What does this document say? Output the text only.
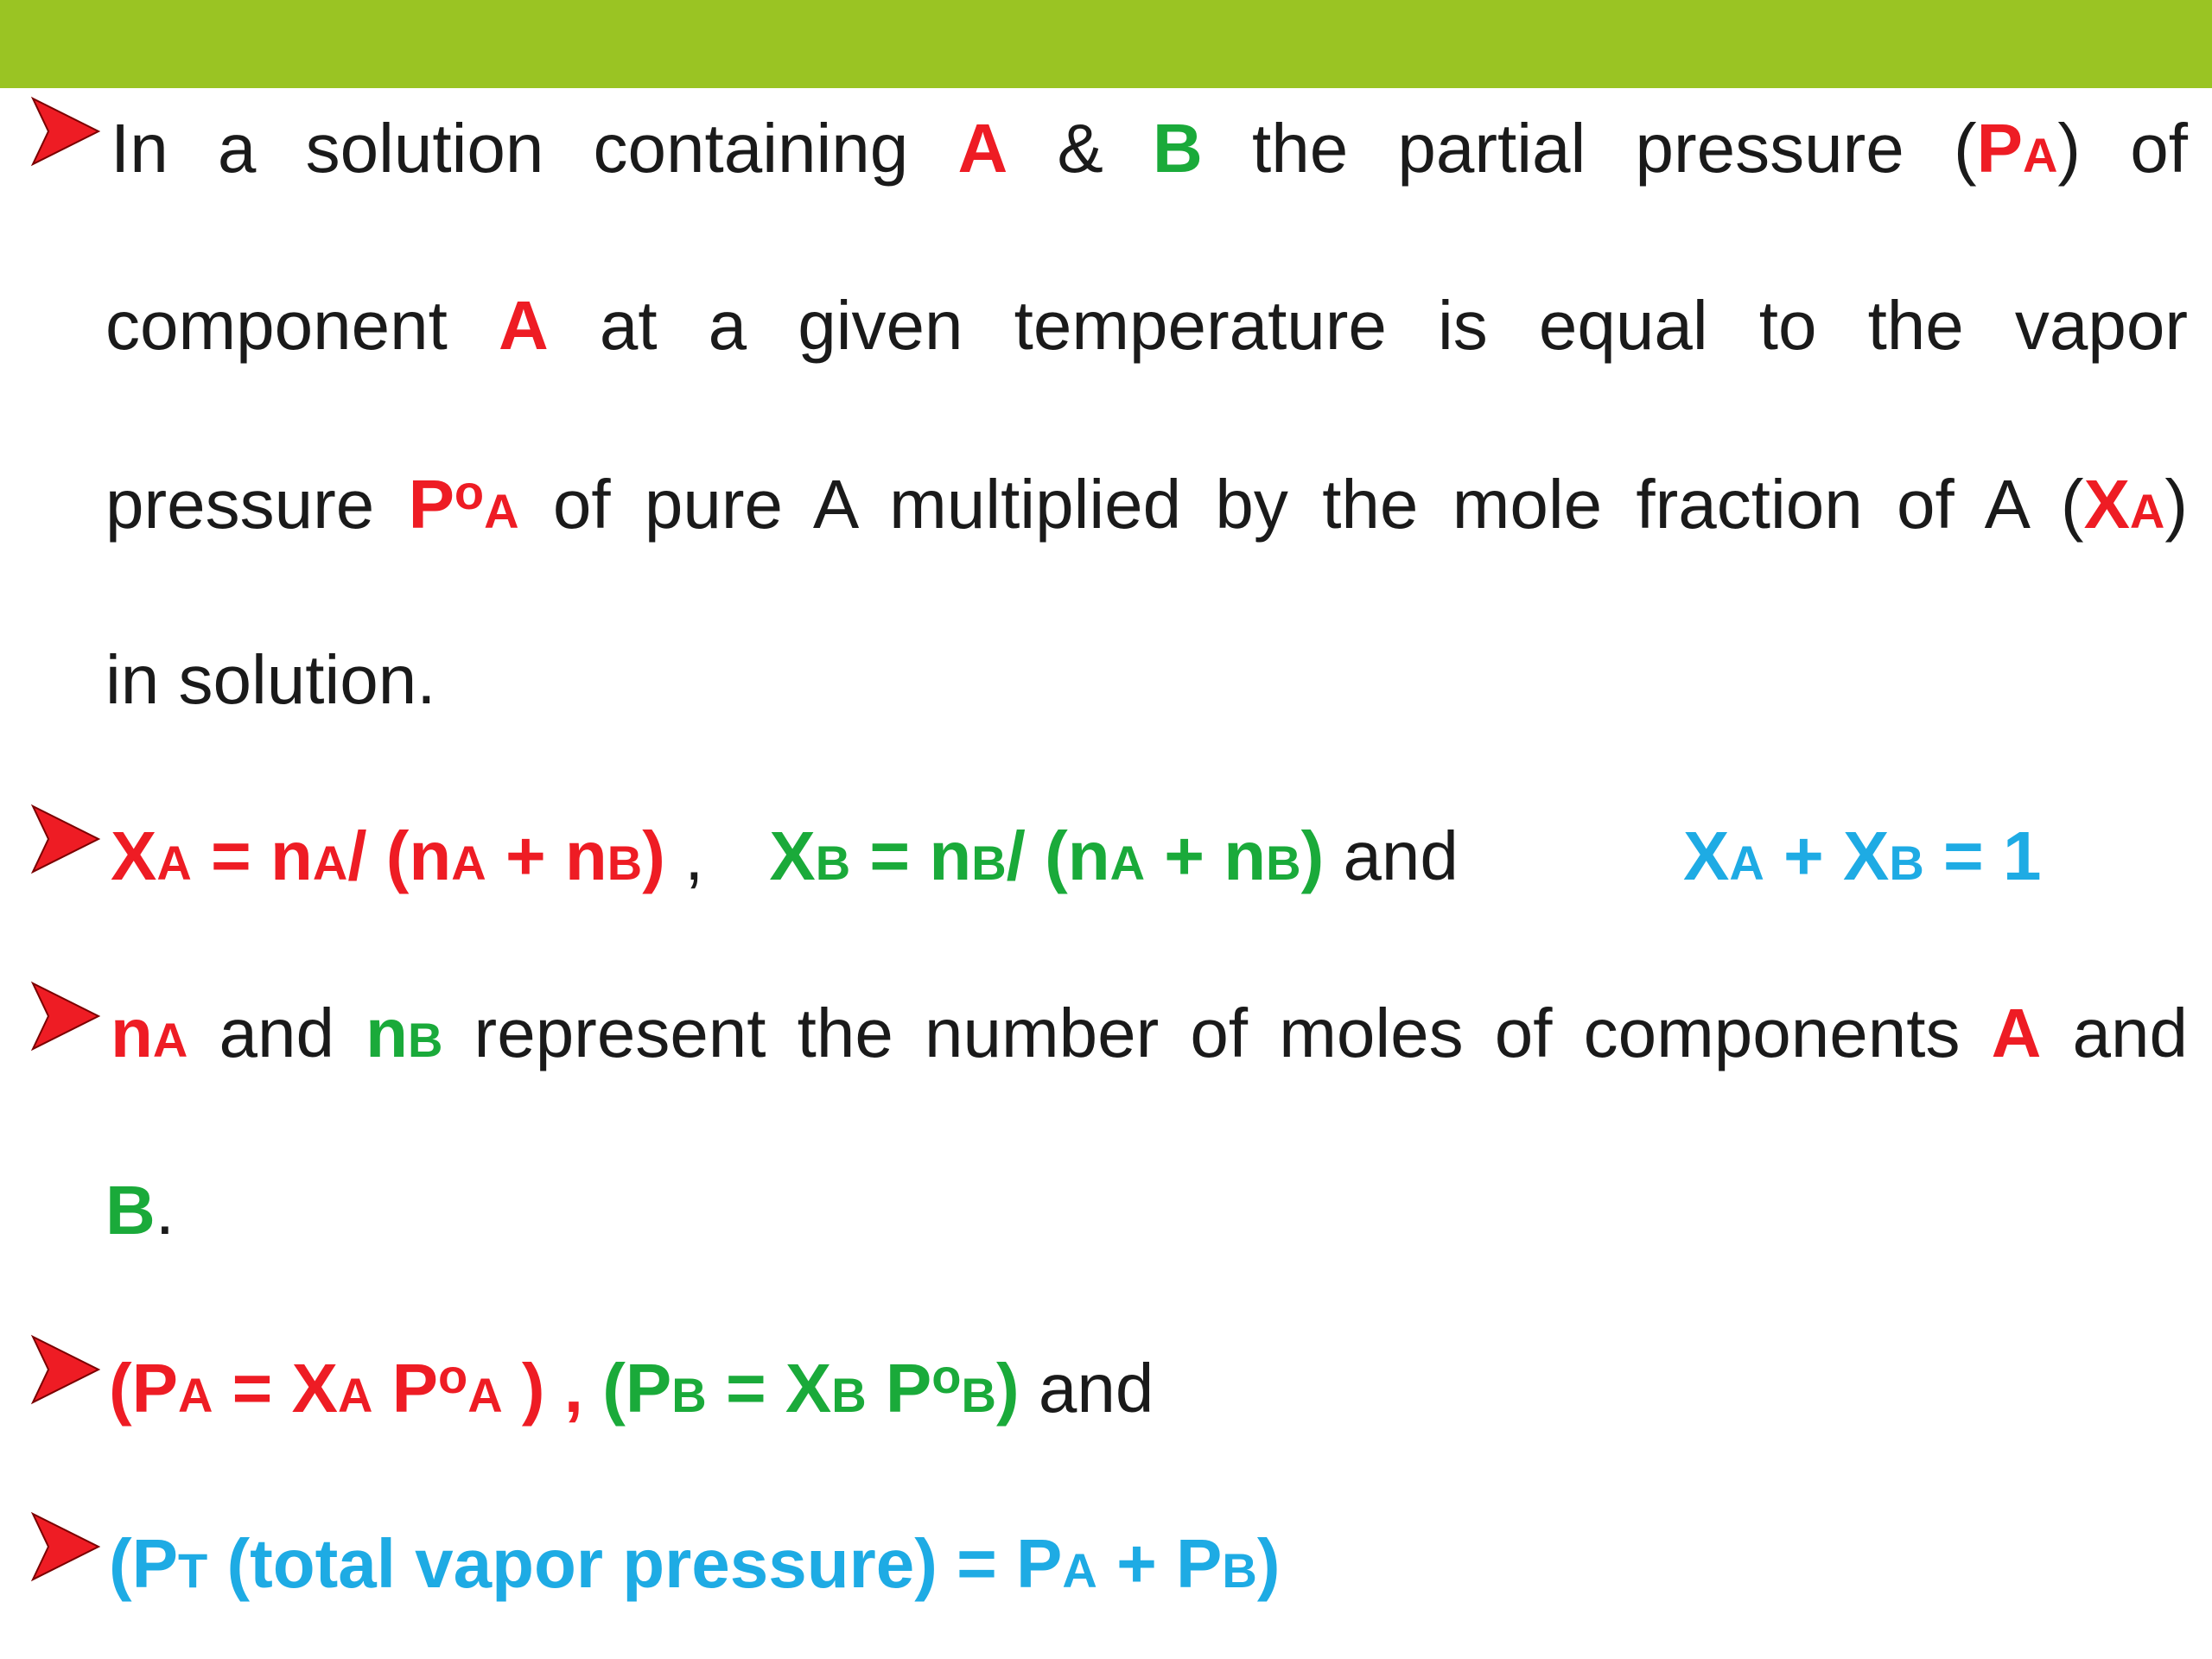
In a solution containing A & B the partial pressure (PA) of
component A at a given temperature is equal to the vapor
pressure $P^oA$ of pure A multiplied by the mole fraction of A (XA)
in solution.
XA = nA/ (nA + nB) , XB = nB/ (nA + nB) and	XA + XB = 1
nA and nB represent the number of moles of components A and
B.
(PA = XA $P^oA$ ) , (PB = XB $P^oB$) and
(PT (total vapor pressure) = PA + PB)
